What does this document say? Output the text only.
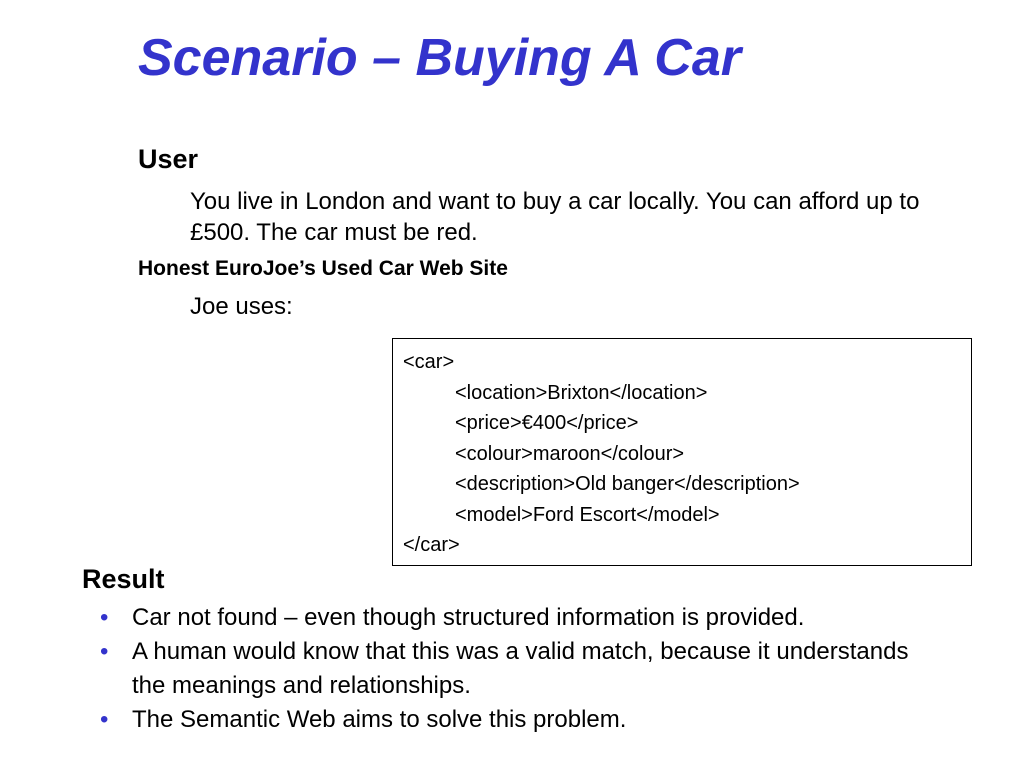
Scenario – Buying A Car
User
You live in London and want to buy a car locally. You can afford up to £500. The car must be red.
Honest EuroJoe’s Used Car Web Site
Joe uses:
<car>
<location>Brixton</location>
<price>€400</price>
<colour>maroon</colour>
<description>Old banger</description>
<model>Ford Escort</model>
</car>
Result
• Car not found – even though structured information is provided.
• A human would know that this was a valid match, because it understands the meanings and relationships.
• The Semantic Web aims to solve this problem.
